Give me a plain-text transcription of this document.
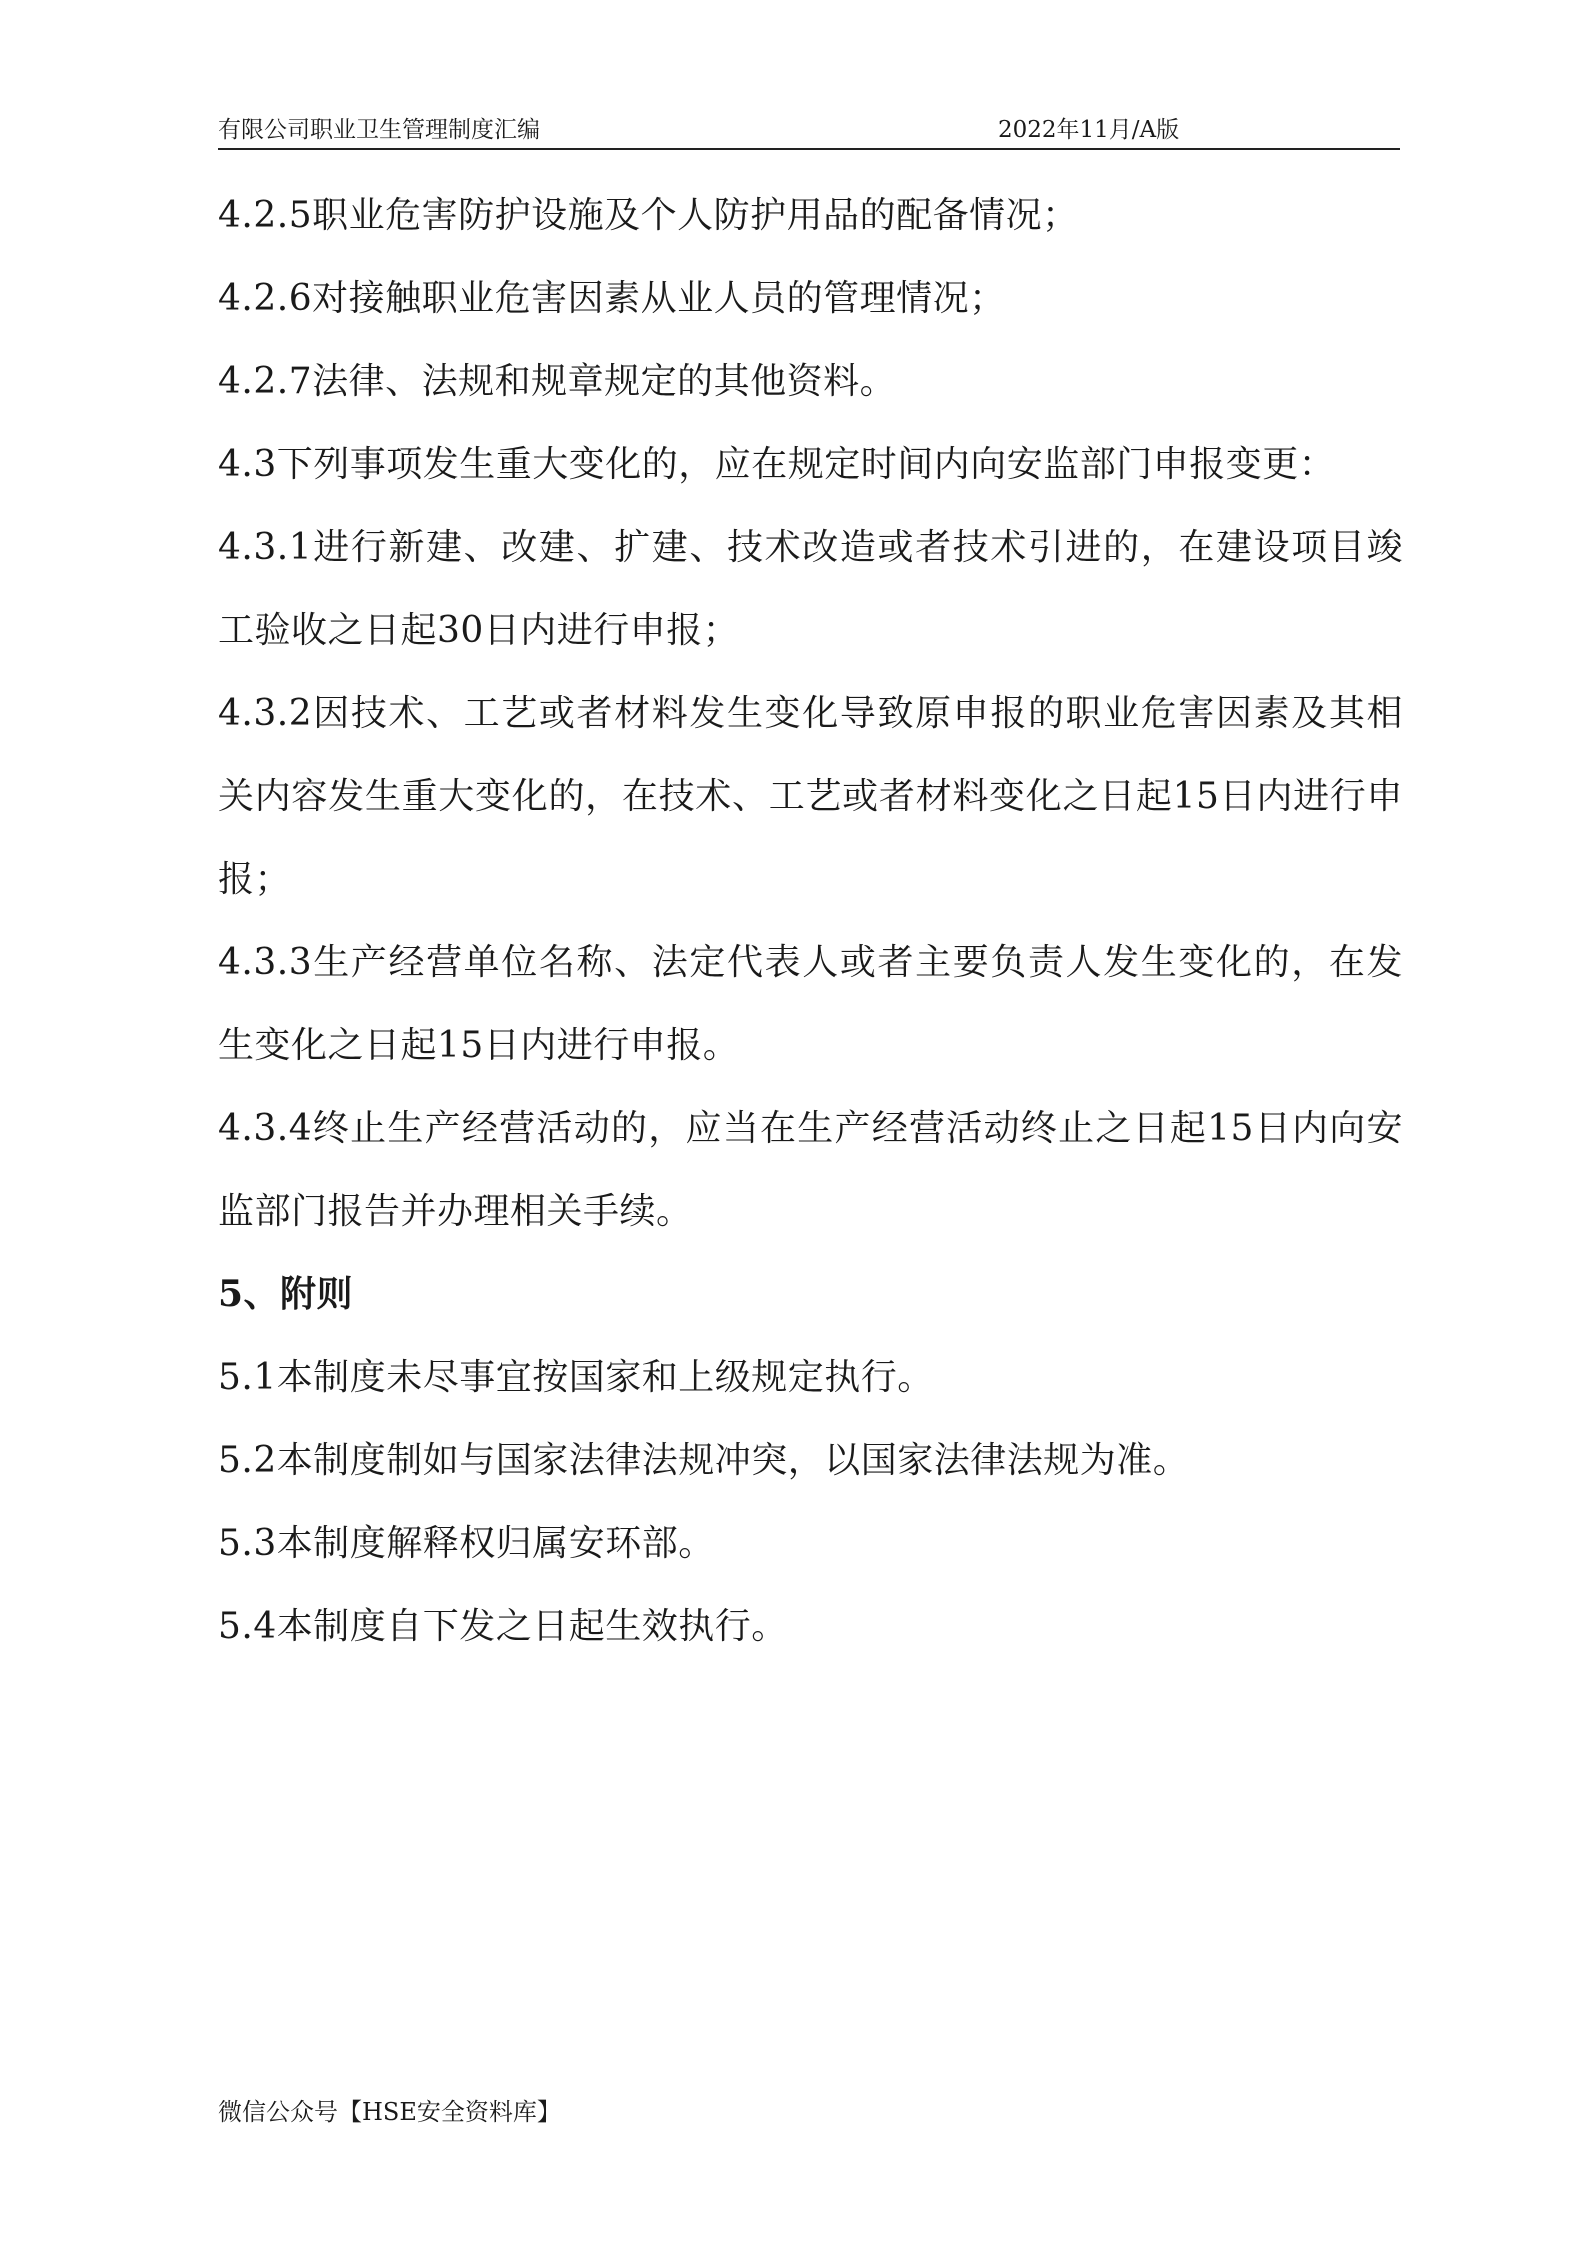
有限公司职业卫生管理制度汇编	2022年11月/A版

4.2.5职业危害防护设施及个人防护用品的配备情况；

4.2.6对接触职业危害因素从业人员的管理情况；

4.2.7法律、法规和规章规定的其他资料。

4.3下列事项发生重大变化的，应在规定时间内向安监部门申报变更：

4.3.1进行新建、改建、扩建、技术改造或者技术引进的，在建设项目竣工验收之日起30日内进行申报；

4.3.2因技术、工艺或者材料发生变化导致原申报的职业危害因素及其相关内容发生重大变化的，在技术、工艺或者材料变化之日起15日内进行申报；

4.3.3生产经营单位名称、法定代表人或者主要负责人发生变化的，在发生变化之日起15日内进行申报。

4.3.4终止生产经营活动的，应当在生产经营活动终止之日起15日内向安监部门报告并办理相关手续。

5、附则

5.1本制度未尽事宜按国家和上级规定执行。

5.2本制度制如与国家法律法规冲突，以国家法律法规为准。

5.3本制度解释权归属安环部。

5.4本制度自下发之日起生效执行。

微信公众号【HSE安全资料库】
